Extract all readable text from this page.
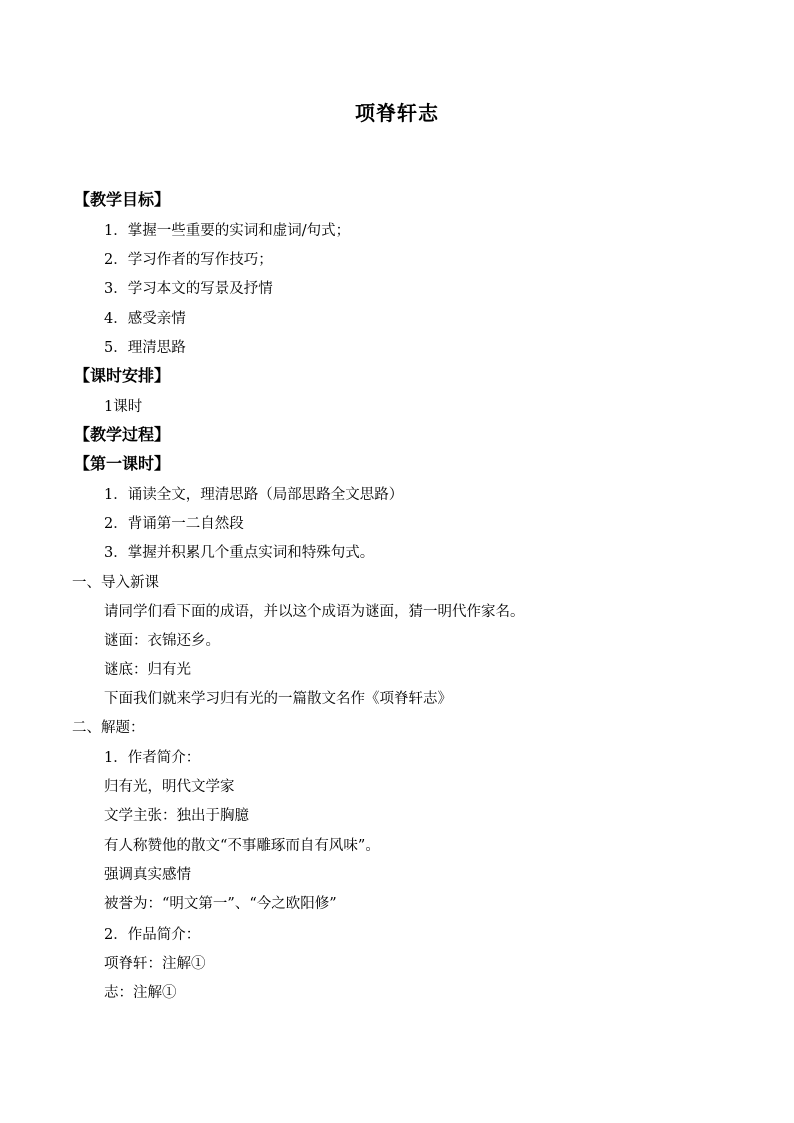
项脊轩志
【教学目标】
1．掌握一些重要的实词和虚词/句式；
2．学习作者的写作技巧；
3．学习本文的写景及抒情
4．感受亲情
5．理清思路
【课时安排】
1课时
【教学过程】
【第一课时】
1．诵读全文，理清思路（局部思路全文思路）
2．背诵第一二自然段
3．掌握并积累几个重点实词和特殊句式。
一、导入新课
请同学们看下面的成语，并以这个成语为谜面，猜一明代作家名。
谜面：衣锦还乡。
谜底：归有光
下面我们就来学习归有光的一篇散文名作《项脊轩志》
二、解题：
1．作者简介：
归有光，明代文学家
文学主张：独出于胸臆
有人称赞他的散文“不事雕琢而自有风味”。
强调真实感情
被誉为：“明文第一”、“今之欧阳修”
2．作品简介：
项脊轩：注解①
志：注解①
